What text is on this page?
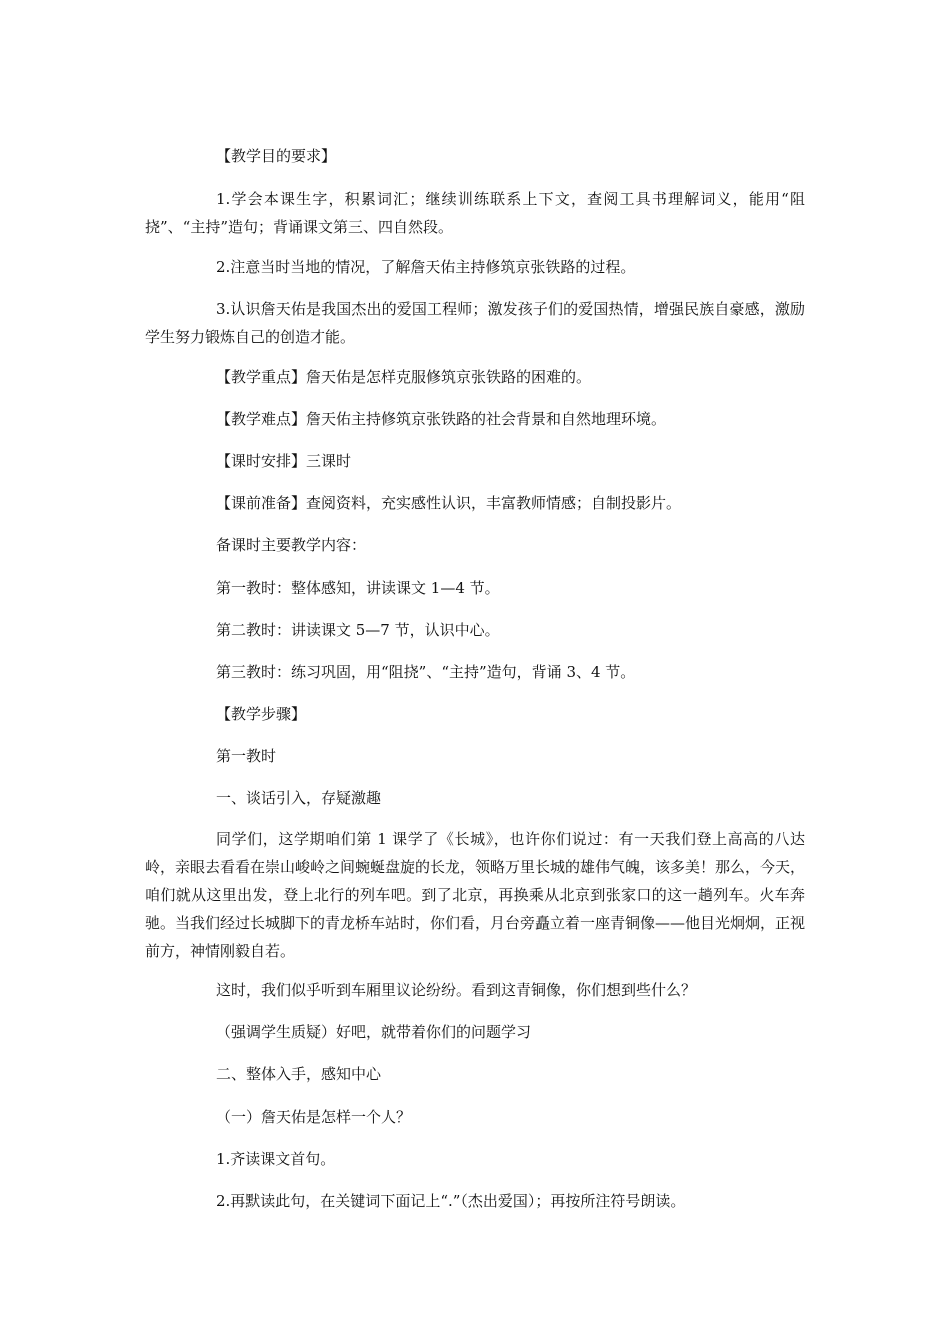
【教学目的要求】
1.学会本课生字，积累词汇；继续训练联系上下文，查阅工具书理解词义，能用“阻挠”、“主持”造句；背诵课文第三、四自然段。
2.注意当时当地的情况，了解詹天佑主持修筑京张铁路的过程。
3.认识詹天佑是我国杰出的爱国工程师；激发孩子们的爱国热情，增强民族自豪感，激励学生努力锻炼自己的创造才能。
【教学重点】詹天佑是怎样克服修筑京张铁路的困难的。
【教学难点】詹天佑主持修筑京张铁路的社会背景和自然地理环境。
【课时安排】三课时
【课前准备】查阅资料，充实感性认识，丰富教师情感；自制投影片。
备课时主要教学内容：
第一教时：整体感知，讲读课文 1—4 节。
第二教时：讲读课文 5—7 节，认识中心。
第三教时：练习巩固，用“阻挠”、“主持”造句，背诵 3、4 节。
【教学步骤】
第一教时
一、谈话引入，存疑激趣
同学们，这学期咱们第 1 课学了《长城》，也许你们说过：有一天我们登上高高的八达岭，亲眼去看看在崇山峻岭之间蜿蜒盘旋的长龙，领略万里长城的雄伟气魄，该多美！那么，今天，咱们就从这里出发，登上北行的列车吧。到了北京，再换乘从北京到张家口的这一趟列车。火车奔驰。当我们经过长城脚下的青龙桥车站时，你们看，月台旁矗立着一座青铜像——他目光炯炯，正视前方，神情刚毅自若。
这时，我们似乎听到车厢里议论纷纷。看到这青铜像，你们想到些什么？
（强调学生质疑）好吧，就带着你们的问题学习
二、整体入手，感知中心
（一）詹天佑是怎样一个人？
1.齐读课文首句。
2.再默读此句，在关键词下面记上“.”（杰出爱国）；再按所注符号朗读。
